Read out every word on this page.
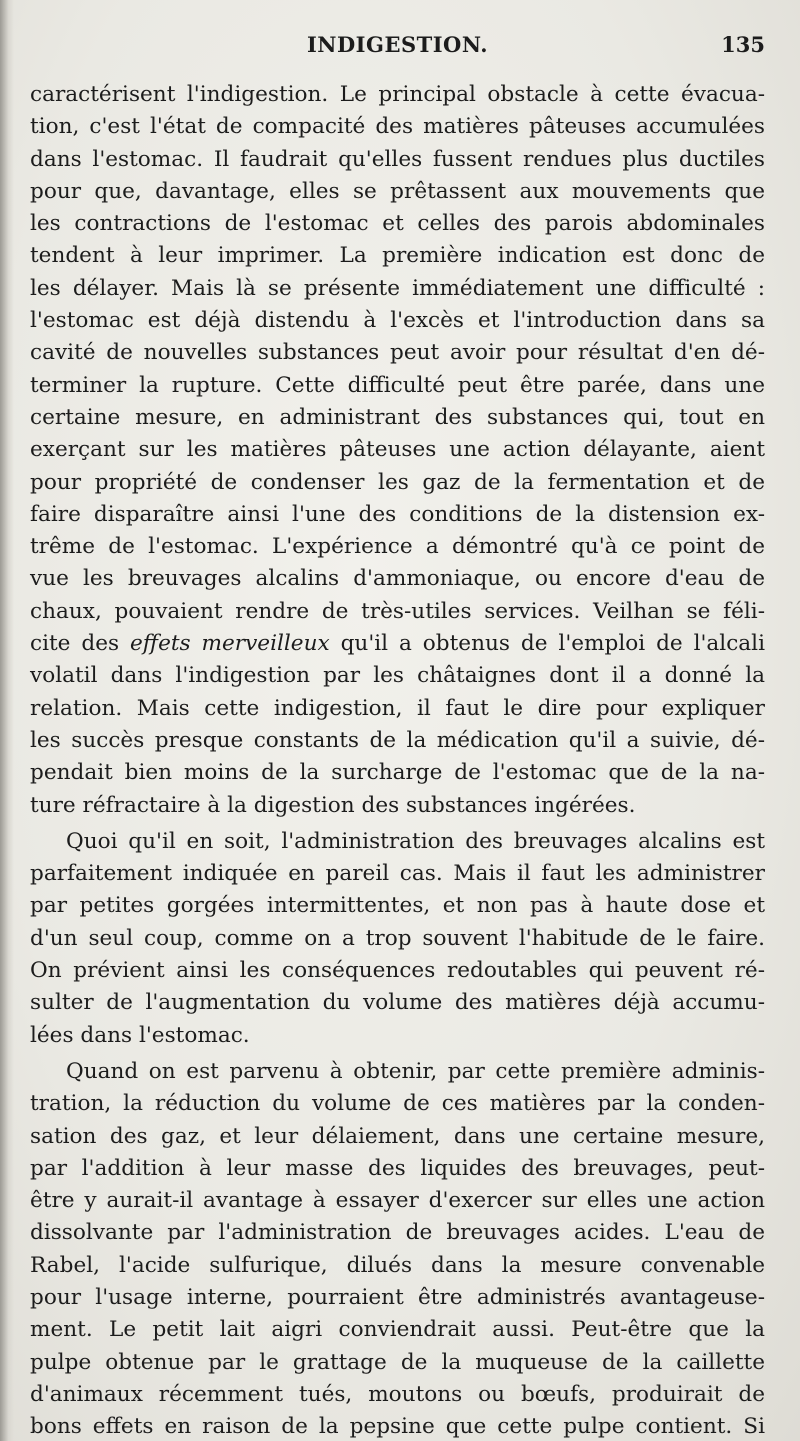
INDIGESTION.	135
caractérisent l'indigestion. Le principal obstacle à cette évacua-
tion, c'est l'état de compacité des matières pâteuses accumulées
dans l'estomac. Il faudrait qu'elles fussent rendues plus ductiles
pour que, davantage, elles se prêtassent aux mouvements que
les contractions de l'estomac et celles des parois abdominales
tendent à leur imprimer. La première indication est donc de
les délayer. Mais là se présente immédiatement une difficulté :
l'estomac est déjà distendu à l'excès et l'introduction dans sa
cavité de nouvelles substances peut avoir pour résultat d'en dé-
terminer la rupture. Cette difficulté peut être parée, dans une
certaine mesure, en administrant des substances qui, tout en
exerçant sur les matières pâteuses une action délayante, aient
pour propriété de condenser les gaz de la fermentation et de
faire disparaître ainsi l'une des conditions de la distension ex-
trême de l'estomac. L'expérience a démontré qu'à ce point de
vue les breuvages alcalins d'ammoniaque, ou encore d'eau de
chaux, pouvaient rendre de très-utiles services. Veilhan se féli-
cite des effets merveilleux qu'il a obtenus de l'emploi de l'alcali
volatil dans l'indigestion par les châtaignes dont il a donné la
relation. Mais cette indigestion, il faut le dire pour expliquer
les succès presque constants de la médication qu'il a suivie, dé-
pendait bien moins de la surcharge de l'estomac que de la na-
ture réfractaire à la digestion des substances ingérées.
Quoi qu'il en soit, l'administration des breuvages alcalins est
parfaitement indiquée en pareil cas. Mais il faut les administrer
par petites gorgées intermittentes, et non pas à haute dose et
d'un seul coup, comme on a trop souvent l'habitude de le faire.
On prévient ainsi les conséquences redoutables qui peuvent ré-
sulter de l'augmentation du volume des matières déjà accumu-
lées dans l'estomac.
Quand on est parvenu à obtenir, par cette première adminis-
tration, la réduction du volume de ces matières par la conden-
sation des gaz, et leur délaiement, dans une certaine mesure,
par l'addition à leur masse des liquides des breuvages, peut-
être y aurait-il avantage à essayer d'exercer sur elles une action
dissolvante par l'administration de breuvages acides. L'eau de
Rabel, l'acide sulfurique, dilués dans la mesure convenable
pour l'usage interne, pourraient être administrés avantageuse-
ment. Le petit lait aigri conviendrait aussi. Peut-être que la
pulpe obtenue par le grattage de la muqueuse de la caillette
d'animaux récemment tués, moutons ou bœufs, produirait de
bons effets en raison de la pepsine que cette pulpe contient. Si
